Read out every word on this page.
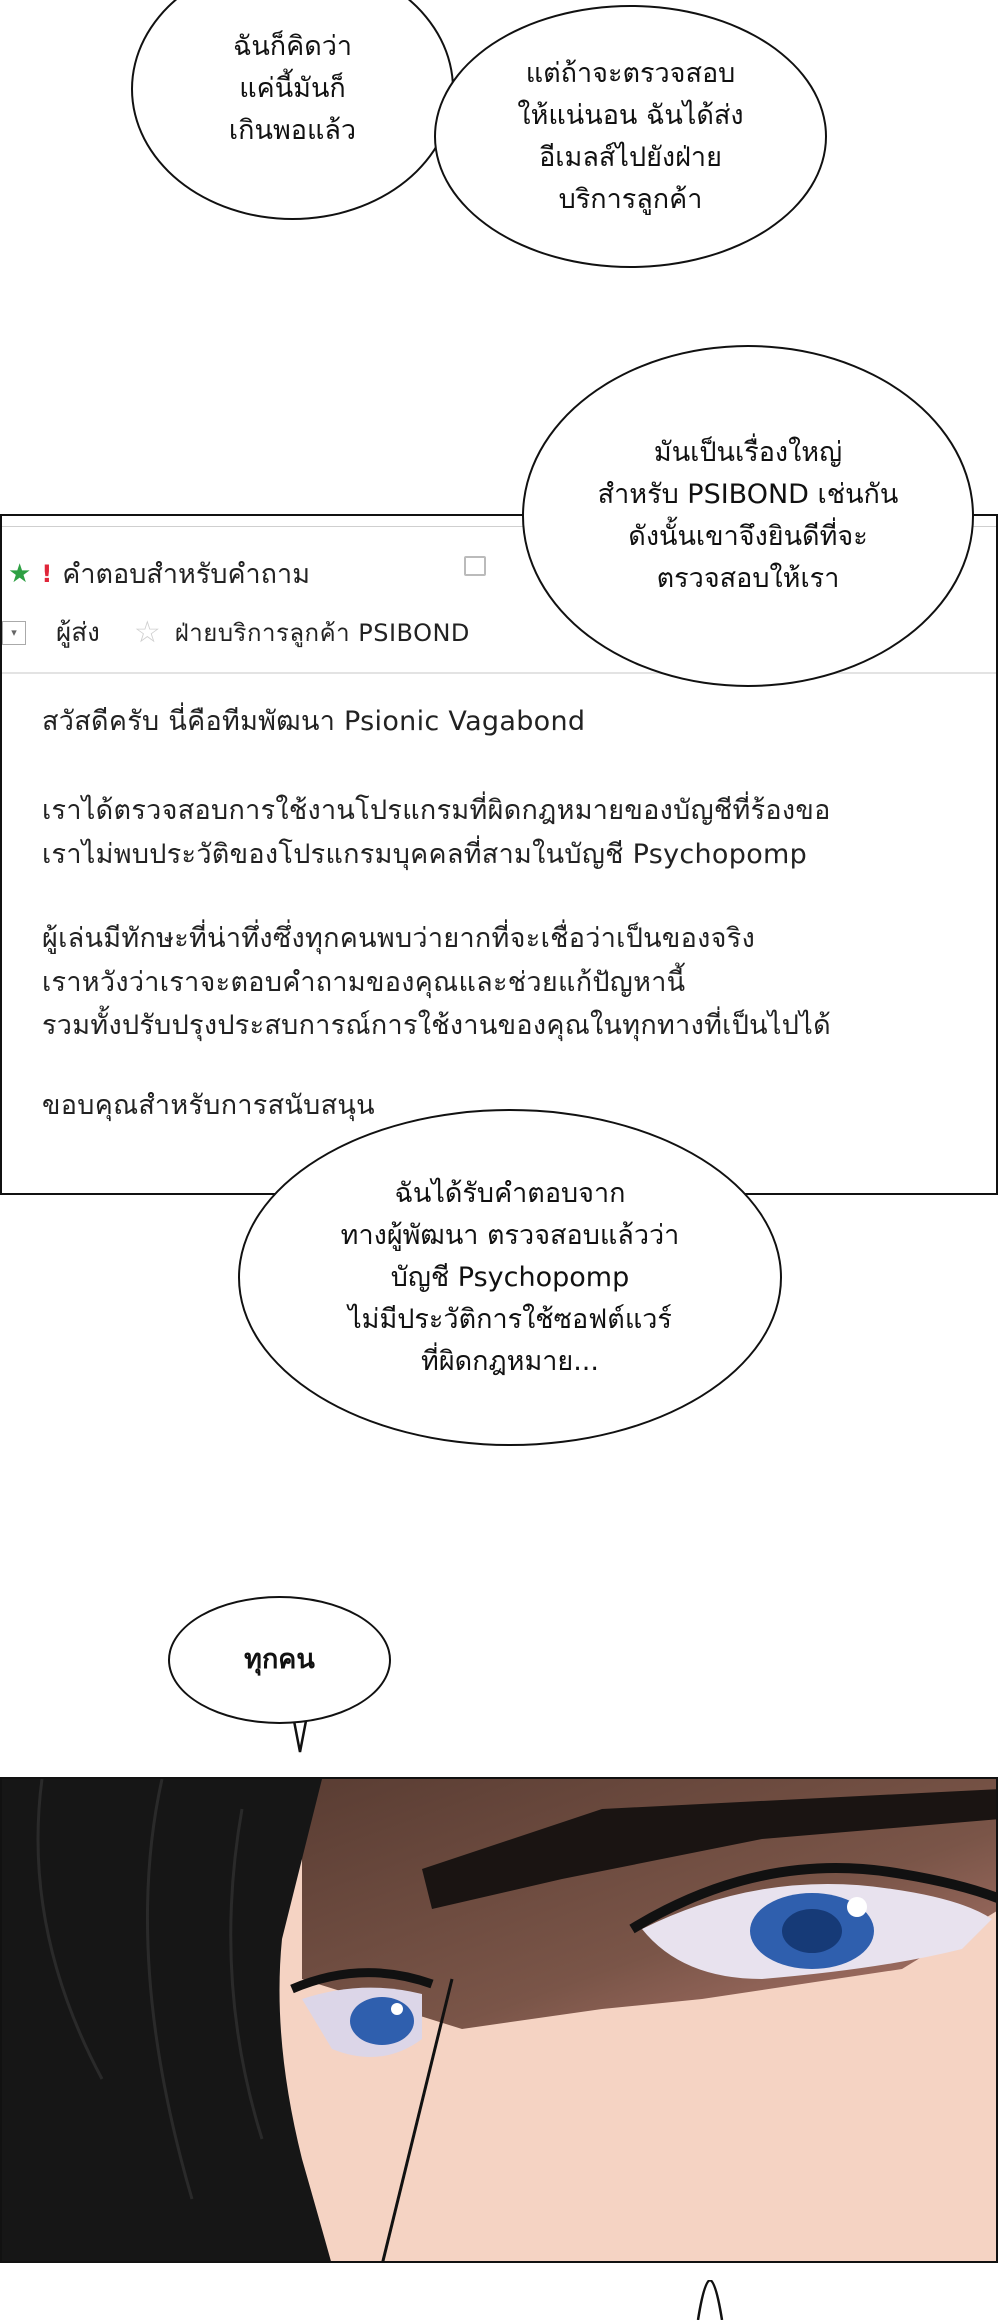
ฉันก็คิดว่า
แค่นี้มันก็
เกินพอแล้ว
แต่ถ้าจะตรวจสอบ
ให้แน่นอน ฉันได้ส่ง
อีเมลส์ไปยังฝ่าย
บริการลูกค้า
มันเป็นเรื่องใหญ่
สำหรับ PSIBOND เช่นกัน
ดังนั้นเขาจึงยินดีที่จะ
ตรวจสอบให้เรา
★ ! คำตอบสำหรับคำถาม
▾	ผู้ส่ง ☆ ฝ่ายบริการลูกค้า PSIBOND
สวัสดีครับ นี่คือทีมพัฒนา Psionic Vagabond
เราได้ตรวจสอบการใช้งานโปรแกรมที่ผิดกฎหมายของบัญชีที่ร้องขอ
เราไม่พบประวัติของโปรแกรมบุคคลที่สามในบัญชี Psychopomp
ผู้เล่นมีทักษะที่น่าทึ่งซึ่งทุกคนพบว่ายากที่จะเชื่อว่าเป็นของจริง
เราหวังว่าเราจะตอบคำถามของคุณและช่วยแก้ปัญหานี้
รวมทั้งปรับปรุงประสบการณ์การใช้งานของคุณในทุกทางที่เป็นไปได้
ขอบคุณสำหรับการสนับสนุน
ฉันได้รับคำตอบจาก
ทางผู้พัฒนา ตรวจสอบแล้วว่า
บัญชี Psychopomp
ไม่มีประวัติการใช้ซอฟต์แวร์
ที่ผิดกฎหมาย...
ทุกคน
